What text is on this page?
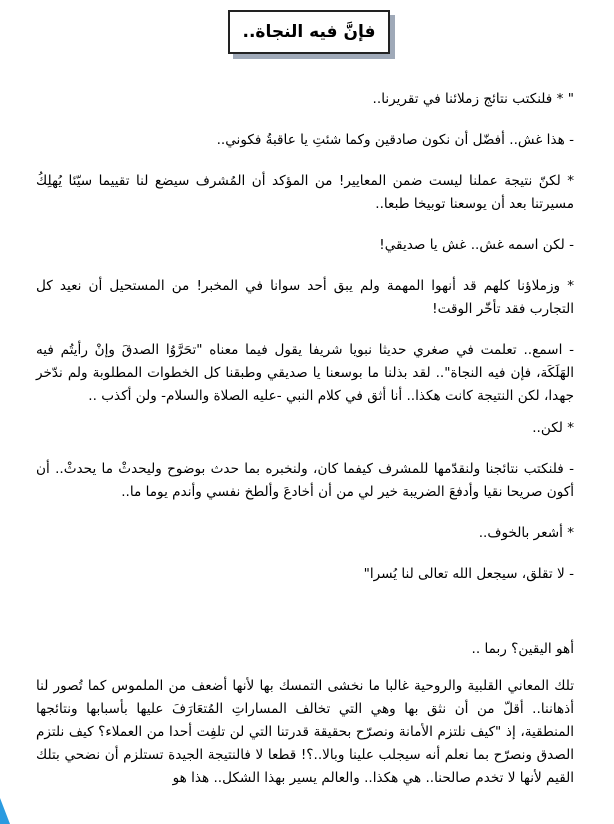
فإنَّ فيه النجاة..

" * فلنكتب نتائج زملائنا في تقريرنا..

- هذا غش.. أفضّل أن نكون صادقين وكما شئتِ يا عاقبةُ فكوني..

* لكنّ نتيجة عملنا ليست ضمن المعايير! من المؤكد أن المُشرف سيضع لنا تقييما سيّئا يُهلِكُ مسيرتنا بعد أن يوسعنا توبيخا طبعا..

- لكن اسمه غش.. غش يا صديقي!

* وزملاؤنا كلهم قد أنهوا المهمة ولم يبق أحد سوانا في المخبر! من المستحيل أن نعيد كل التجارب فقد تأخّر الوقت!

- اسمع.. تعلمت في صغري حديثا نبويا شريفا يقول فيما معناه "تحَرَّوُا الصدقَ وإنْ رأيتُم فيه الهَلَكَة، فإن فيه النجاة".. لقد بذلنا ما بوسعنا يا صديقي وطبقنا كل الخطوات المطلوبة ولم ندّخر جهدا، لكن النتيجة كانت هكذا.. أنا أثق في كلام النبي -عليه الصلاة والسلام- ولن أكذب ..

* لكن..

- فلنكتب نتائجنا ولنقدّمها للمشرف كيفما كان، ولنخبره بما حدث بوضوح وليحدثْ ما يحدثْ.. أن أكون صريحا نقيا وأدفعَ الضريبة خير لي من أن أخادعَ وألطخ نفسي وأندم يوما ما..

* أشعر بالخوف..

- لا تقلق، سيجعل الله تعالى لنا يُسرا"

أهو اليقين؟ ربما ..

تلك المعاني القلبية والروحية غالبا ما نخشى التمسك بها لأنها أضعف من الملموس كما تُصور لنا أذهاننا.. أقلّ من أن نثق بها وهي التي تخالف المساراتِ المُتعَارَفَ عليها بأسبابها ونتائجها المنطقية، إذ "كيف نلتزم الأمانة ونصرّح بحقيقة قدرتنا التي لن تلفِت أحدا من العملاء؟ كيف نلتزم الصدق ونصرّح بما نعلم أنه سيجلب علينا وبالا..؟! قطعا لا فالنتيجة الجيدة تستلزم أن نضحي بتلك القيم لأنها لا تخدم صالحنا.. هي هكذا.. والعالم يسير بهذا الشكل.. هذا هو
